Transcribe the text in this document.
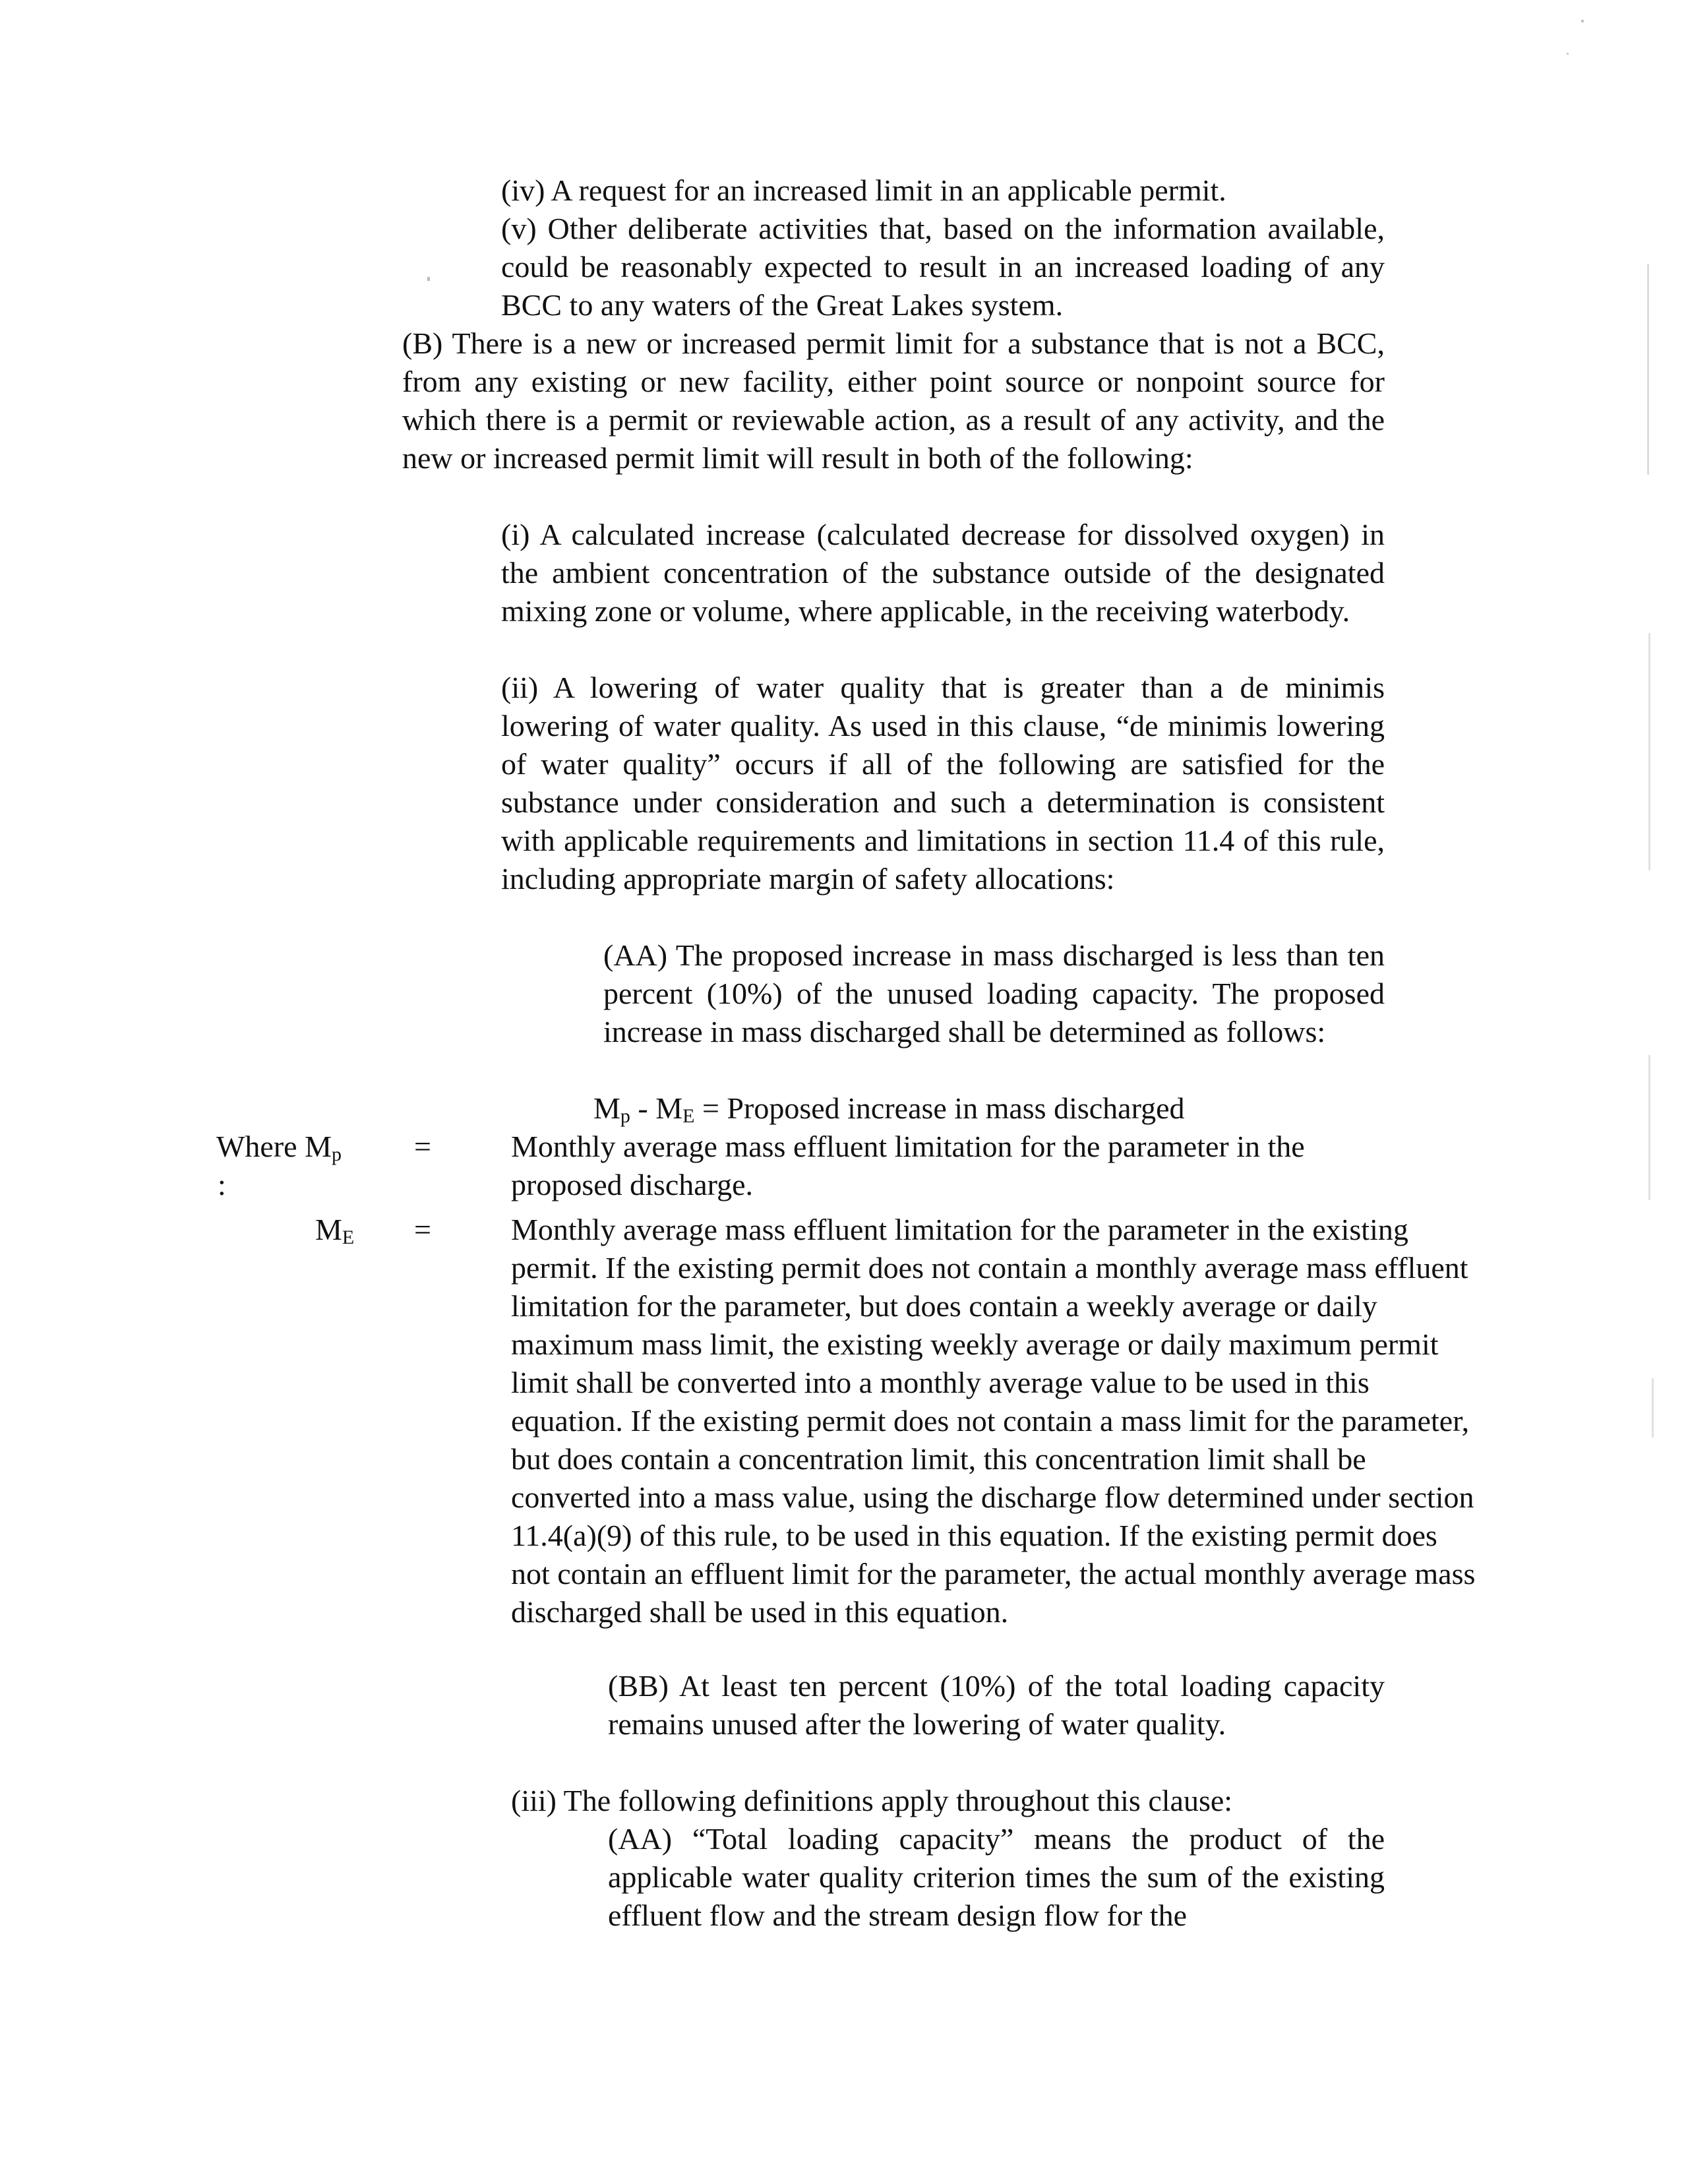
(iv) A request for an increased limit in an applicable permit.

(v) Other deliberate activities that, based on the information available, could be reasonably expected to result in an increased loading of any BCC to any waters of the Great Lakes system.

(B) There is a new or increased permit limit for a substance that is not a BCC, from any existing or new facility, either point source or nonpoint source for which there is a permit or reviewable action, as a result of any activity, and the new or increased permit limit will result in both of the following:

(i) A calculated increase (calculated decrease for dissolved oxygen) in the ambient concentration of the substance outside of the designated mixing zone or volume, where applicable, in the receiving waterbody.

(ii) A lowering of water quality that is greater than a de minimis lowering of water quality. As used in this clause, “de minimis lowering of water quality” occurs if all of the following are satisfied for the substance under consideration and such a determination is consistent with applicable requirements and limitations in section 11.4 of this rule, including appropriate margin of safety allocations:

(AA) The proposed increase in mass discharged is less than ten percent (10%) of the unused loading capacity. The proposed increase in mass discharged shall be determined as follows:

$M_p - M_E$ = Proposed increase in mass discharged
Where $M_p$
:
=	Monthly average mass effluent limitation for the parameter in the proposed discharge.

$M_E$ =	Monthly average mass effluent limitation for the parameter in the existing permit. If the existing permit does not contain a monthly average mass effluent limitation for the parameter, but does contain a weekly average or daily maximum mass limit, the existing weekly average or daily maximum permit limit shall be converted into a monthly average value to be used in this equation. If the existing permit does not contain a mass limit for the parameter, but does contain a concentration limit, this concentration limit shall be converted into a mass value, using the discharge flow determined under section 11.4(a)(9) of this rule, to be used in this equation. If the existing permit does not contain an effluent limit for the parameter, the actual monthly average mass discharged shall be used in this equation.

(BB) At least ten percent (10%) of the total loading capacity remains unused after the lowering of water quality.

(iii) The following definitions apply throughout this clause:

(AA) “Total loading capacity” means the product of the applicable water quality criterion times the sum of the existing effluent flow and the stream design flow for the
